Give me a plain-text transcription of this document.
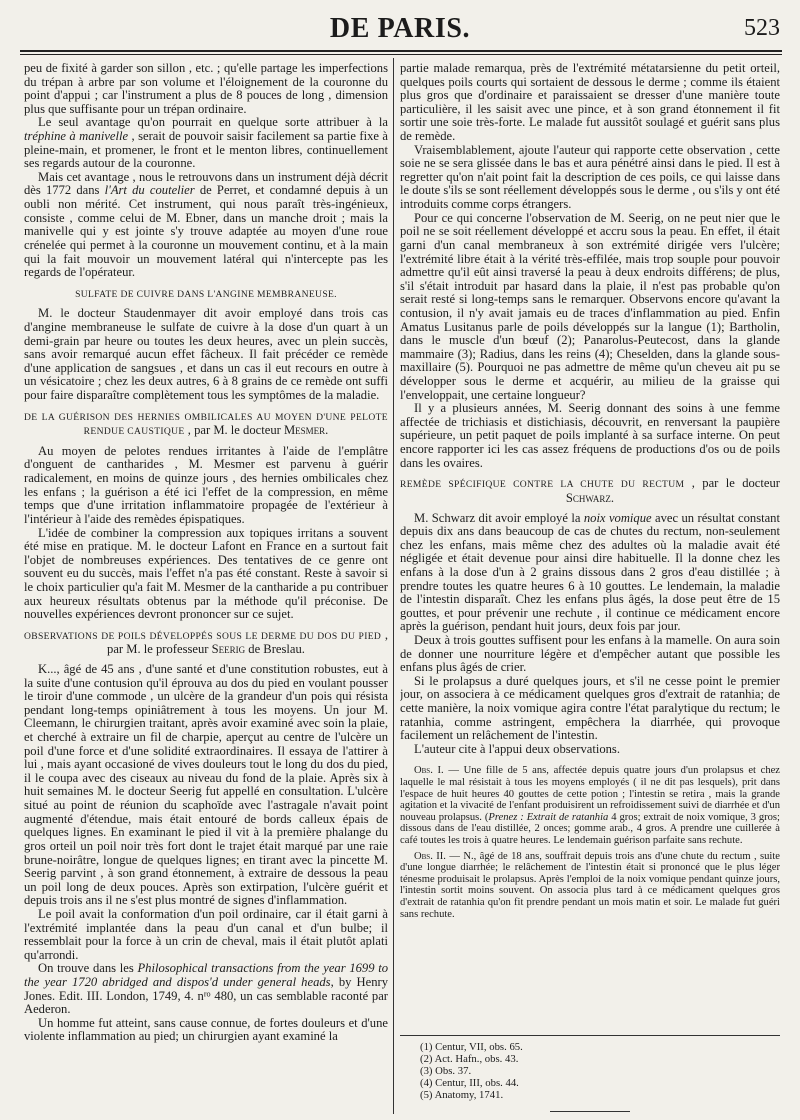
DE PARIS.	523

peu de fixité à garder son sillon , etc. ; qu'elle partage les imperfections du trépan à arbre par son volume et l'éloignement de la couronne du point d'appui ; car l'instrument a plus de 8 pouces de long , dimension plus que suffisante pour un trépan ordinaire.

Le seul avantage qu'on pourrait en quelque sorte attribuer à la tréphine à manivelle , serait de pouvoir saisir facilement sa partie fixe à pleine-main, et promener, le front et le menton libres, continuellement ses regards autour de la couronne.

Mais cet avantage , nous le retrouvons dans un instrument déjà décrit dès 1772 dans l'Art du coutelier de Perret, et condamné depuis à un oubli non mérité. Cet instrument, qui nous paraît très-ingénieux, consiste , comme celui de M. Ebner, dans un manche droit ; mais la manivelle qui y est jointe s'y trouve adaptée au moyen d'une roue crénelée qui permet à la couronne un mouvement continu, et à la main qui la fait mouvoir un mouvement latéral qui n'intercepte pas les regards de l'opérateur.

SULFATE DE CUIVRE DANS L'ANGINE MEMBRANEUSE.

M. le docteur Staudenmayer dit avoir employé dans trois cas d'angine membraneuse le sulfate de cuivre à la dose d'un quart à un demi-grain par heure ou toutes les deux heures, avec un plein succès, sans avoir remarqué aucun effet fâcheux. Il fait précéder ce remède d'une application de sangsues , et dans un cas il eut recours en outre à un vésicatoire ; chez les deux autres, 6 à 8 grains de ce remède ont suffi pour faire disparaître complètement tous les symptômes de la maladie.

DE LA GUÉRISON DES HERNIES OMBILICALES AU MOYEN D'UNE PELOTE RENDUE CAUSTIQUE , par M. le docteur Mesmer.

Au moyen de pelotes rendues irritantes à l'aide de l'emplâtre d'onguent de cantharides , M. Mesmer est parvenu à guérir radicalement, en moins de quinze jours , des hernies ombilicales chez les enfans ; la guérison a été ici l'effet de la compression, en même temps que d'une irritation inflammatoire propagée de l'extérieur à l'intérieur à l'aide des remèdes épispatiques.

L'idée de combiner la compression aux topiques irritans a souvent été mise en pratique. M. le docteur Lafont en France en a surtout fait l'objet de nombreuses expériences. Des tentatives de ce genre ont souvent eu du succès, mais l'effet n'a pas été constant. Reste à savoir si le choix particulier qu'a fait M. Mesmer de la cantharide a pu contribuer aux heureux résultats obtenus par la méthode qu'il préconise. De nouvelles expériences devront prononcer sur ce sujet.

OBSERVATIONS DE POILS DÉVELOPPÉS SOUS LE DERME DU DOS DU PIED , par M. le professeur Seerig de Breslau.

K..., âgé de 45 ans , d'une santé et d'une constitution robustes, eut à la suite d'une contusion qu'il éprouva au dos du pied en voulant pousser le tiroir d'une commode , un ulcère de la grandeur d'un pois qui résista pendant long-temps opiniâtrement à tous les moyens. Un jour M. Cleemann, le chirurgien traitant, après avoir examiné avec soin la plaie, et cherché à extraire un fil de charpie, aperçut au centre de l'ulcère un poil d'une force et d'une solidité extraordinaires. Il essaya de l'attirer à lui , mais ayant occasioné de vives douleurs tout le long du dos du pied, il le coupa avec des ciseaux au niveau du fond de la plaie. Après six à huit semaines M. le docteur Seerig fut appellé en consultation. L'ulcère situé au point de réunion du scaphoïde avec l'astragale n'avait point augmenté d'étendue, mais était entouré de bords calleux épais de quelques lignes. En examinant le pied il vit à la première phalange du gros orteil un poil noir très fort dont le trajet était marqué par une raie brune-noirâtre, longue de quelques lignes; en tirant avec la pincette M. Seerig parvint , à son grand étonnement, à extraire de dessous la peau un poil long de deux pouces. Après son extirpation, l'ulcère guérit et depuis trois ans il ne s'est plus montré de signes d'inflammation.

Le poil avait la conformation d'un poil ordinaire, car il était garni à l'extrémité implantée dans la peau d'un canal et d'un bulbe; il ressemblait pour la force à un crin de cheval, mais il était plutôt aplati qu'arrondi.

On trouve dans les Philosophical transactions from the year 1699 to the year 1720 abridged and dispos'd under general heads, by Henry Jones. Edit. III. London, 1749, 4. $n^{ro}$ 480, un cas semblable raconté par Aederon.

Un homme fut atteint, sans cause connue, de fortes douleurs et d'une violente inflammation au pied; un chirurgien ayant examiné la

partie malade remarqua, près de l'extrémité métatarsienne du petit orteil, quelques poils courts qui sortaient de dessous le derme ; comme ils étaient plus gros que d'ordinaire et paraissaient se dresser d'une manière toute particulière, il les saisit avec une pince, et à son grand étonnement il fit sortir une soie très-forte. Le malade fut aussitôt soulagé et guérit sans plus de remède.

Vraisemblablement, ajoute l'auteur qui rapporte cette observation , cette soie ne se sera glissée dans le bas et aura pénétré ainsi dans le pied. Il est à regretter qu'on n'ait point fait la description de ces poils, ce qui laisse dans le doute s'ils se sont réellement développés sous le derme , ou s'ils y ont été introduits comme corps étrangers.

Pour ce qui concerne l'observation de M. Seerig, on ne peut nier que le poil ne se soit réellement développé et accru sous la peau. En effet, il était garni d'un canal membraneux à son extrémité dirigée vers l'ulcère; l'extrémité libre était à la vérité très-effilée, mais trop souple pour pouvoir admettre qu'il eût ainsi traversé la peau à deux endroits différens; de plus, s'il s'était introduit par hasard dans la plaie, il n'est pas probable qu'on serait resté si long-temps sans le remarquer. Observons encore qu'avant la contusion, il n'y avait jamais eu de traces d'inflammation au pied. Enfin Amatus Lusitanus parle de poils développés sur la langue (1); Bartholin, dans le muscle d'un bœuf (2); Panarolus-Peutecost, dans la glande mammaire (3); Radius, dans les reins (4); Cheselden, dans la glande sous-maxillaire (5). Pourquoi ne pas admettre de même qu'un cheveu ait pu se développer sous le derme et acquérir, au milieu de la graisse qui l'enveloppait, une certaine longueur?

Il y a plusieurs années, M. Seerig donnant des soins à une femme affectée de trichiasis et distichiasis, découvrit, en renversant la paupière supérieure, un petit paquet de poils implanté à sa surface interne. On peut encore rapporter ici les cas assez fréquens de productions d'os ou de poils dans les ovaires.

REMÈDE SPÉCIFIQUE CONTRE LA CHUTE DU RECTUM , par le docteur Schwarz.

M. Schwarz dit avoir employé la noix vomique avec un résultat constant depuis dix ans dans beaucoup de cas de chutes du rectum, non-seulement chez les enfans, mais même chez des adultes où la maladie avait été négligée et était devenue pour ainsi dire habituelle. Il la donne chez les enfans à la dose d'un à 2 grains dissous dans 2 gros d'eau distillée ; à prendre toutes les quatre heures 6 à 10 gouttes. Le lendemain, la maladie de l'intestin disparaît. Chez les enfans plus âgés, la dose peut être de 15 gouttes, et pour prévenir une rechute , il continue ce médicament encore après la guérison, pendant huit jours, deux fois par jour.

Deux à trois gouttes suffisent pour les enfans à la mamelle. On aura soin de donner une nourriture légère et d'empêcher autant que possible les enfans plus âgés de crier.

Si le prolapsus a duré quelques jours, et s'il ne cesse point le premier jour, on associera à ce médicament quelques gros d'extrait de ratanhia; de cette manière, la noix vomique agira contre l'état paralytique du rectum; le ratanhia, comme astringent, empêchera la diarrhée, qui provoque facilement un relâchement de l'intestin.

L'auteur cite à l'appui deux observations.

Obs. I. — Une fille de 5 ans, affectée depuis quatre jours d'un prolapsus et chez laquelle le mal résistait à tous les moyens employés ( il ne dit pas lesquels), prit dans l'espace de huit heures 40 gouttes de cette potion ; l'intestin se retira , mais la grande agitation et la vivacité de l'enfant produisirent un refroidissement suivi de diarrhée et d'un nouveau prolapsus. (Prenez : Extrait de ratanhia 4 gros; extrait de noix vomique, 3 gros; dissous dans de l'eau distillée, 2 onces; gomme arab., 4 gros. A prendre une cuillerée à café toutes les trois à quatre heures. Le lendemain guérison parfaite sans rechute.

Obs. II. — N., âgé de 18 ans, souffrait depuis trois ans d'une chute du rectum , suite d'une longue diarrhée; le relâchement de l'intestin était si prononcé que le plus léger ténesme produisait le prolapsus. Après l'emploi de la noix vomique pendant quinze jours, l'intestin sortit moins souvent. On associa plus tard à ce médicament quelques gros d'extrait de ratanhia qu'on fit prendre pendant un mois matin et soir. Le malade fut guéri sans rechute.

(1) Centur, VII, obs. 65.
(2) Act. Hafn., obs. 43.
(3) Obs. 37.
(4) Centur, III, obs. 44.
(5) Anatomy, 1741.
